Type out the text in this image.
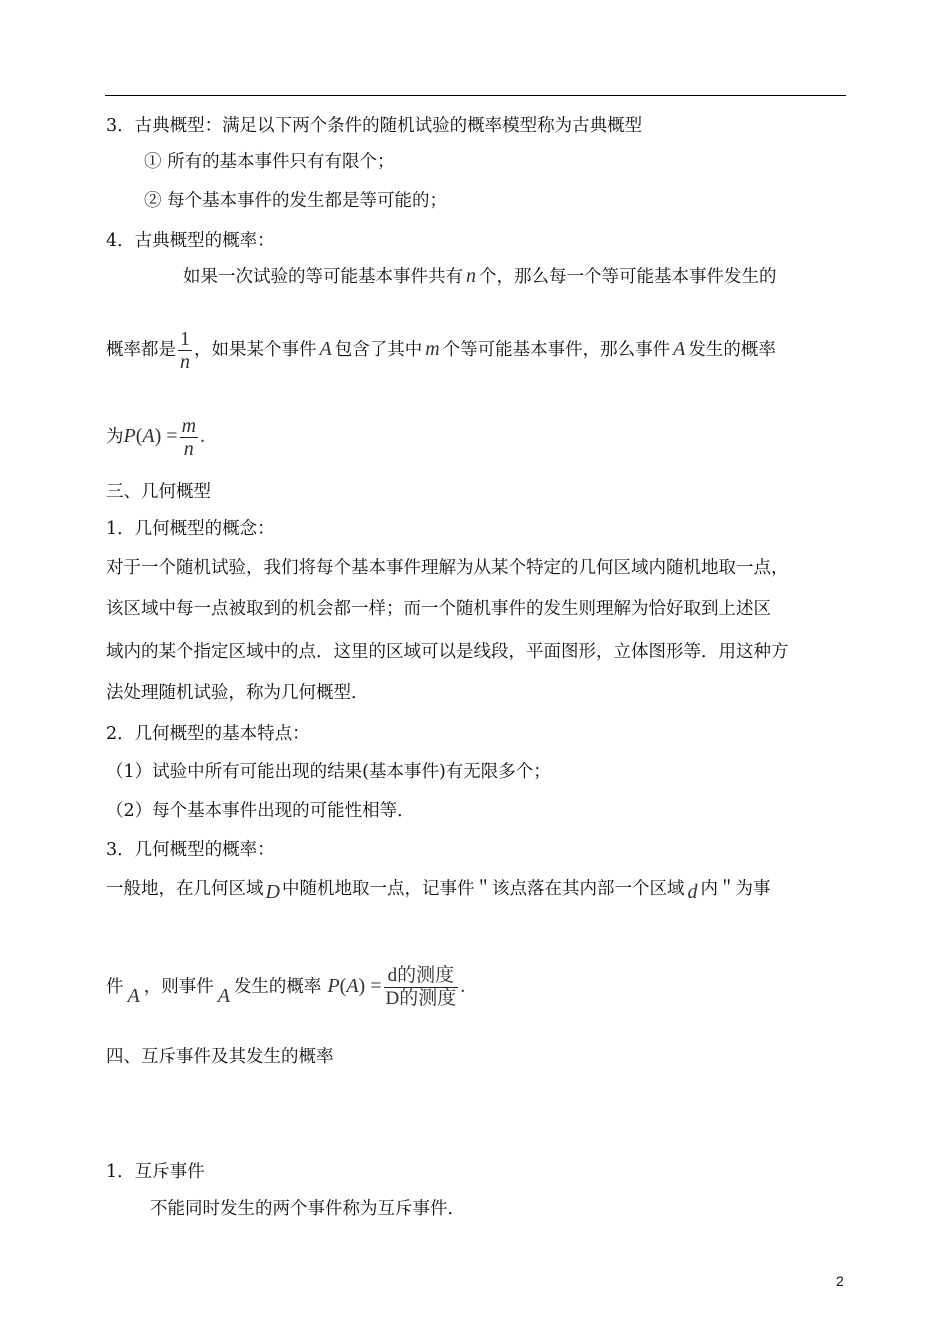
3．古典概型：满足以下两个条件的随机试验的概率模型称为古典概型
① 所有的基本事件只有有限个；
② 每个基本事件的发生都是等可能的；
4．古典概型的概率：
如果一次试验的等可能基本事件共有 n 个，那么每一个等可能基本事件发生的
概率都是 $\frac{1}{n}$ ，如果某个事件 A 包含了其中 m 个等可能基本事件，那么事件 A 发生的概率
为$P(A) = \frac{m}{n}$ .
三、几何概型
1．几何概型的概念：
对于一个随机试验，我们将每个基本事件理解为从某个特定的几何区域内随机地取一点，
该区域中每一点被取到的机会都一样；而一个随机事件的发生则理解为恰好取到上述区
域内的某个指定区域中的点．这里的区域可以是线段，平面图形，立体图形等．用这种方
法处理随机试验，称为几何概型．
2．几何概型的基本特点：
（1）试验中所有可能出现的结果(基本事件)有无限多个；
（2）每个基本事件出现的可能性相等．
3．几何概型的概率：
一般地，在几何区域 D 中随机地取一点，记事件＂该点落在其内部一个区域 d 内＂为事
件 A ，则事件 A 发生的概率 $P(A) = \frac{\text{d的测度}}{\text{D的测度}}$ .
四、互斥事件及其发生的概率
1．互斥事件
不能同时发生的两个事件称为互斥事件．
2
